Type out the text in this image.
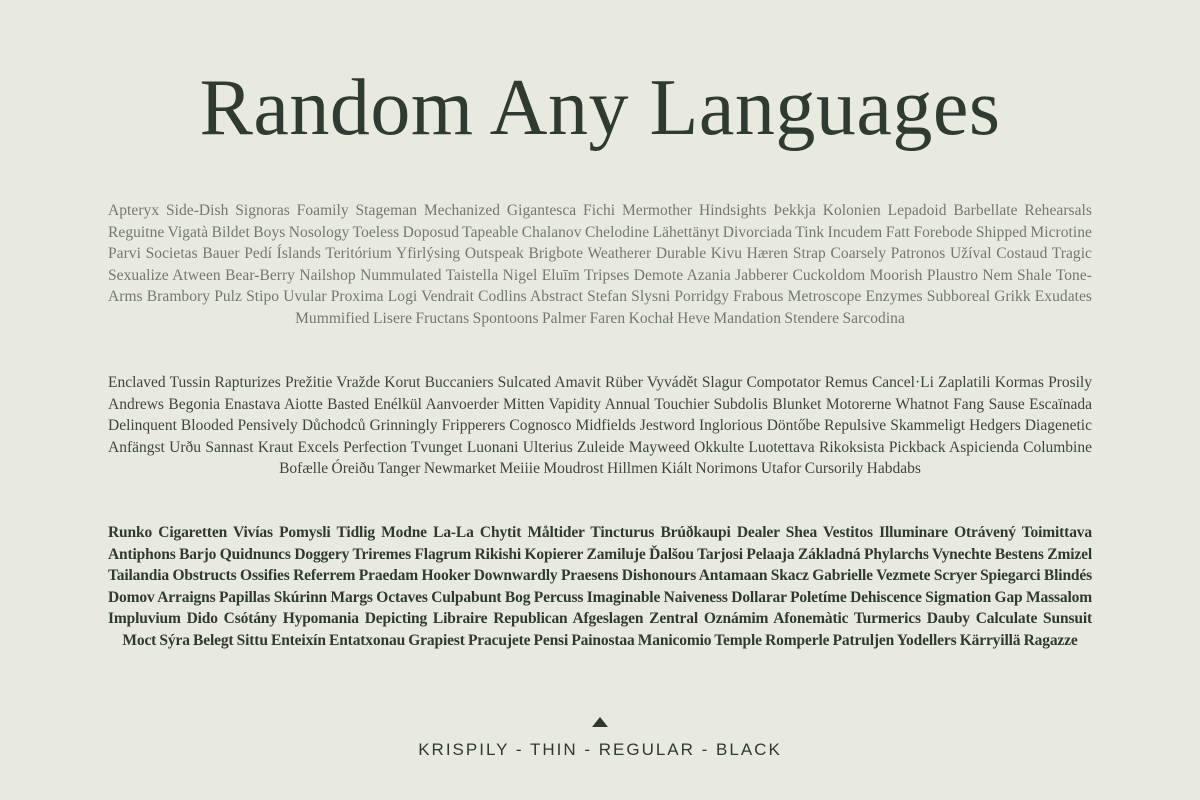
Random Any Languages

Apteryx Side-Dish Signoras Foamily Stageman Mechanized Gigantesca Fichi Mermother Hindsights Þekkja Kolonien Lepadoid Barbellate Rehearsals Reguitne Vigatà Bildet Boys Nosology Toeless Doposud Tapeable Chalanov Chelodine Lähettänyt Divorciada Tink Incudem Fatt Forebode Shipped Microtine Parvi Societas Bauer Pedí Íslands Teritórium Yfirlýsing Outspeak Brigbote Weatherer Durable Kivu Hæren Strap Coarsely Patronos Užíval Costaud Tragic Sexualize Atween Bear-Berry Nailshop Nummulated Taistella Nigel Eluīm Tripses Demote Azania Jabberer Cuckoldom Moorish Plaustro Nem Shale Tone-Arms Brambory Pulz Stipo Uvular Proxima Logi Vendrait Codlins Abstract Stefan Slysni Porridgy Frabous Metroscope Enzymes Subboreal Grikk Exudates Mummified Lisere Fructans Spontoons Palmer Faren Kochał Heve Mandation Stendere Sarcodina

Enclaved Tussin Rapturizes Prežitie Vražde Korut Buccaniers Sulcated Amavit Rüber Vyvádět Slagur Compotator Remus Cancel·Li Zaplatili Kormas Prosily Andrews Begonia Enastava Aiotte Basted Enélkül Aanvoerder Mitten Vapidity Annual Touchier Subdolis Blunket Motorerne Whatnot Fang Sause Escaïnada Delinquent Blooded Pensively Důchodců Grinningly Fripperers Cognosco Midfields Jestword Inglorious Döntőbe Repulsive Skammeligt Hedgers Diagenetic Anfängst Urðu Sannast Kraut Excels Perfection Tvunget Luonani Ulterius Zuleide Mayweed Okkulte Luotettava Rikoksista Pickback Aspicienda Columbine Bofælle Óreiðu Tanger Newmarket Meiiie Moudrost Hillmen Kiált Norimons Utafor Cursorily Habdabs

Runko Cigaretten Vivías Pomysli Tidlig Modne La-La Chytit Måltider Tincturus Brúðkaupi Dealer Shea Vestitos Illuminare Otrávený Toimittava Antiphons Barjo Quidnuncs Doggery Triremes Flagrum Rikishi Kopierer Zamiluje Ďalšou Tarjosi Pelaaja Základná Phylarchs Vynechte Bestens Zmizel Tailandia Obstructs Ossifies Referrem Praedam Hooker Downwardly Praesens Dishonours Antamaan Skacz Gabrielle Vezmete Scryer Spiegarci Blindés Domov Arraigns Papillas Skúrinn Margs Octaves Culpabunt Bog Percuss Imaginable Naiveness Dollarar Poletíme Dehiscence Sigmation Gap Massalom Impluvium Dido Csótány Hypomania Depicting Libraire Republican Afgeslagen Zentral Oznámim Afonemàtic Turmerics Dauby Calculate Sunsuit Moct Sýra Belegt Sittu Enteixín Entatxonau Grapiest Pracujete Pensi Painostaa Manicomio Temple Romperle Patruljen Yodellers Kärryillä Ragazze

KRISPILY - THIN - REGULAR - BLACK
